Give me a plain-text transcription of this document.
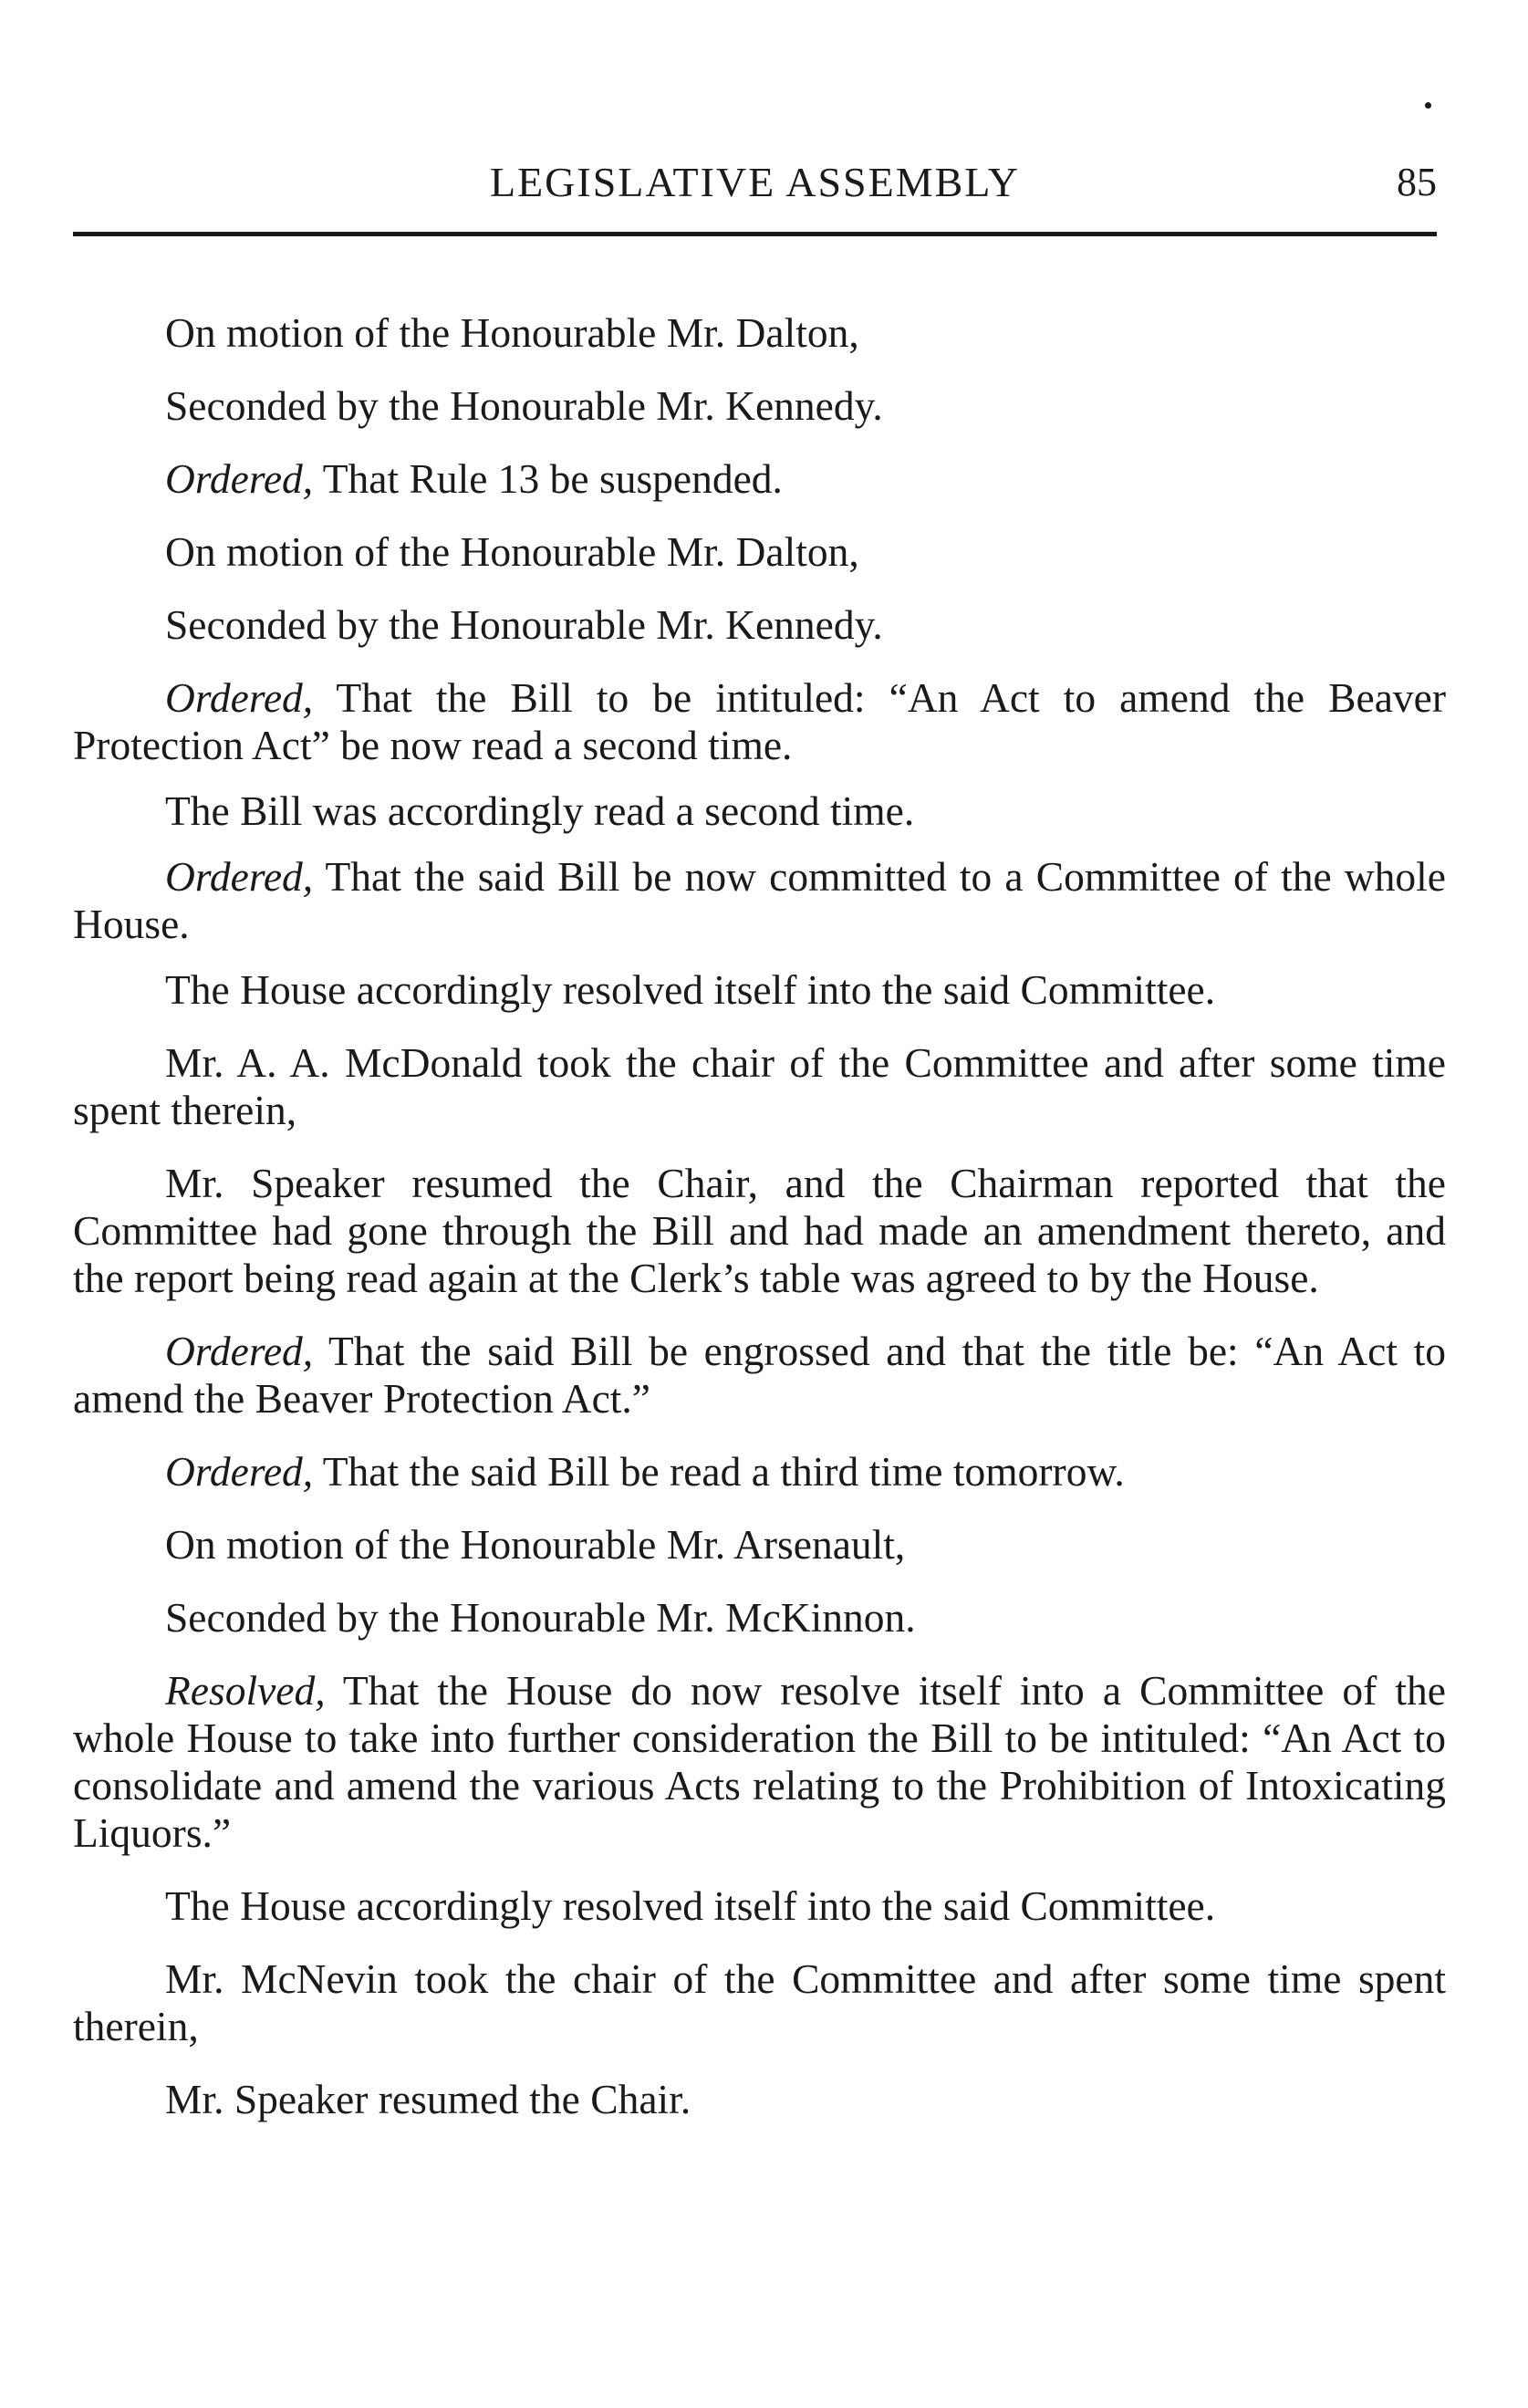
LEGISLATIVE ASSEMBLY	85

On motion of the Honourable Mr. Dalton,

Seconded by the Honourable Mr. Kennedy.

Ordered, That Rule 13 be suspended.

On motion of the Honourable Mr. Dalton,

Seconded by the Honourable Mr. Kennedy.

Ordered, That the Bill to be intituled: “An Act to amend the Beaver Protection Act” be now read a second time.

The Bill was accordingly read a second time.

Ordered, That the said Bill be now committed to a Committee of the whole House.

The House accordingly resolved itself into the said Committee.

Mr. A. A. McDonald took the chair of the Committee and after some time spent therein,

Mr. Speaker resumed the Chair, and the Chairman reported that the Committee had gone through the Bill and had made an amendment thereto, and the report being read again at the Clerk’s table was agreed to by the House.

Ordered, That the said Bill be engrossed and that the title be: “An Act to amend the Beaver Protection Act.”

Ordered, That the said Bill be read a third time tomorrow.

On motion of the Honourable Mr. Arsenault,

Seconded by the Honourable Mr. McKinnon.

Resolved, That the House do now resolve itself into a Committee of the whole House to take into further consideration the Bill to be intituled: “An Act to consolidate and amend the various Acts relating to the Prohibition of Intoxicating Liquors.”

The House accordingly resolved itself into the said Committee.

Mr. McNevin took the chair of the Committee and after some time spent therein,

Mr. Speaker resumed the Chair.
